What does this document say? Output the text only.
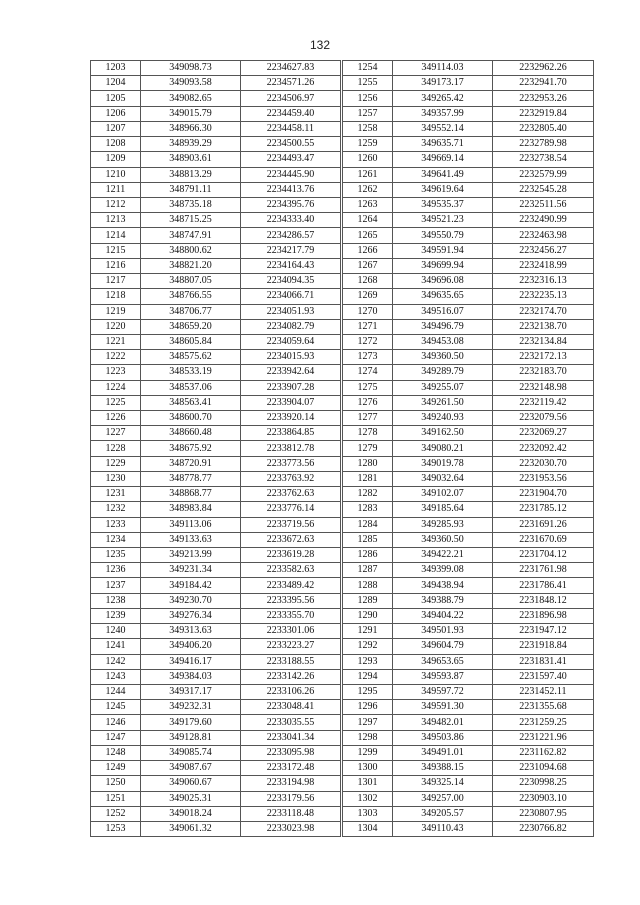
132
1203	349098.73	2234627.83
1204	349093.58	2234571.26
1205	349082.65	2234506.97
1206	349015.79	2234459.40
1207	348966.30	2234458.11
1208	348939.29	2234500.55
1209	348903.61	2234493.47
1210	348813.29	2234445.90
1211	348791.11	2234413.76
1212	348735.18	2234395.76
1213	348715.25	2234333.40
1214	348747.91	2234286.57
1215	348800.62	2234217.79
1216	348821.20	2234164.43
1217	348807.05	2234094.35
1218	348766.55	2234066.71
1219	348706.77	2234051.93
1220	348659.20	2234082.79
1221	348605.84	2234059.64
1222	348575.62	2234015.93
1223	348533.19	2233942.64
1224	348537.06	2233907.28
1225	348563.41	2233904.07
1226	348600.70	2233920.14
1227	348660.48	2233864.85
1228	348675.92	2233812.78
1229	348720.91	2233773.56
1230	348778.77	2233763.92
1231	348868.77	2233762.63
1232	348983.84	2233776.14
1233	349113.06	2233719.56
1234	349133.63	2233672.63
1235	349213.99	2233619.28
1236	349231.34	2233582.63
1237	349184.42	2233489.42
1238	349230.70	2233395.56
1239	349276.34	2233355.70
1240	349313.63	2233301.06
1241	349406.20	2233223.27
1242	349416.17	2233188.55
1243	349384.03	2233142.26
1244	349317.17	2233106.26
1245	349232.31	2233048.41
1246	349179.60	2233035.55
1247	349128.81	2233041.34
1248	349085.74	2233095.98
1249	349087.67	2233172.48
1250	349060.67	2233194.98
1251	349025.31	2233179.56
1252	349018.24	2233118.48
1253	349061.32	2233023.98
1254	349114.03	2232962.26
1255	349173.17	2232941.70
1256	349265.42	2232953.26
1257	349357.99	2232919.84
1258	349552.14	2232805.40
1259	349635.71	2232789.98
1260	349669.14	2232738.54
1261	349641.49	2232579.99
1262	349619.64	2232545.28
1263	349535.37	2232511.56
1264	349521.23	2232490.99
1265	349550.79	2232463.98
1266	349591.94	2232456.27
1267	349699.94	2232418.99
1268	349696.08	2232316.13
1269	349635.65	2232235.13
1270	349516.07	2232174.70
1271	349496.79	2232138.70
1272	349453.08	2232134.84
1273	349360.50	2232172.13
1274	349289.79	2232183.70
1275	349255.07	2232148.98
1276	349261.50	2232119.42
1277	349240.93	2232079.56
1278	349162.50	2232069.27
1279	349080.21	2232092.42
1280	349019.78	2232030.70
1281	349032.64	2231953.56
1282	349102.07	2231904.70
1283	349185.64	2231785.12
1284	349285.93	2231691.26
1285	349360.50	2231670.69
1286	349422.21	2231704.12
1287	349399.08	2231761.98
1288	349438.94	2231786.41
1289	349388.79	2231848.12
1290	349404.22	2231896.98
1291	349501.93	2231947.12
1292	349604.79	2231918.84
1293	349653.65	2231831.41
1294	349593.87	2231597.40
1295	349597.72	2231452.11
1296	349591.30	2231355.68
1297	349482.01	2231259.25
1298	349503.86	2231221.96
1299	349491.01	2231162.82
1300	349388.15	2231094.68
1301	349325.14	2230998.25
1302	349257.00	2230903.10
1303	349205.57	2230807.95
1304	349110.43	2230766.82
